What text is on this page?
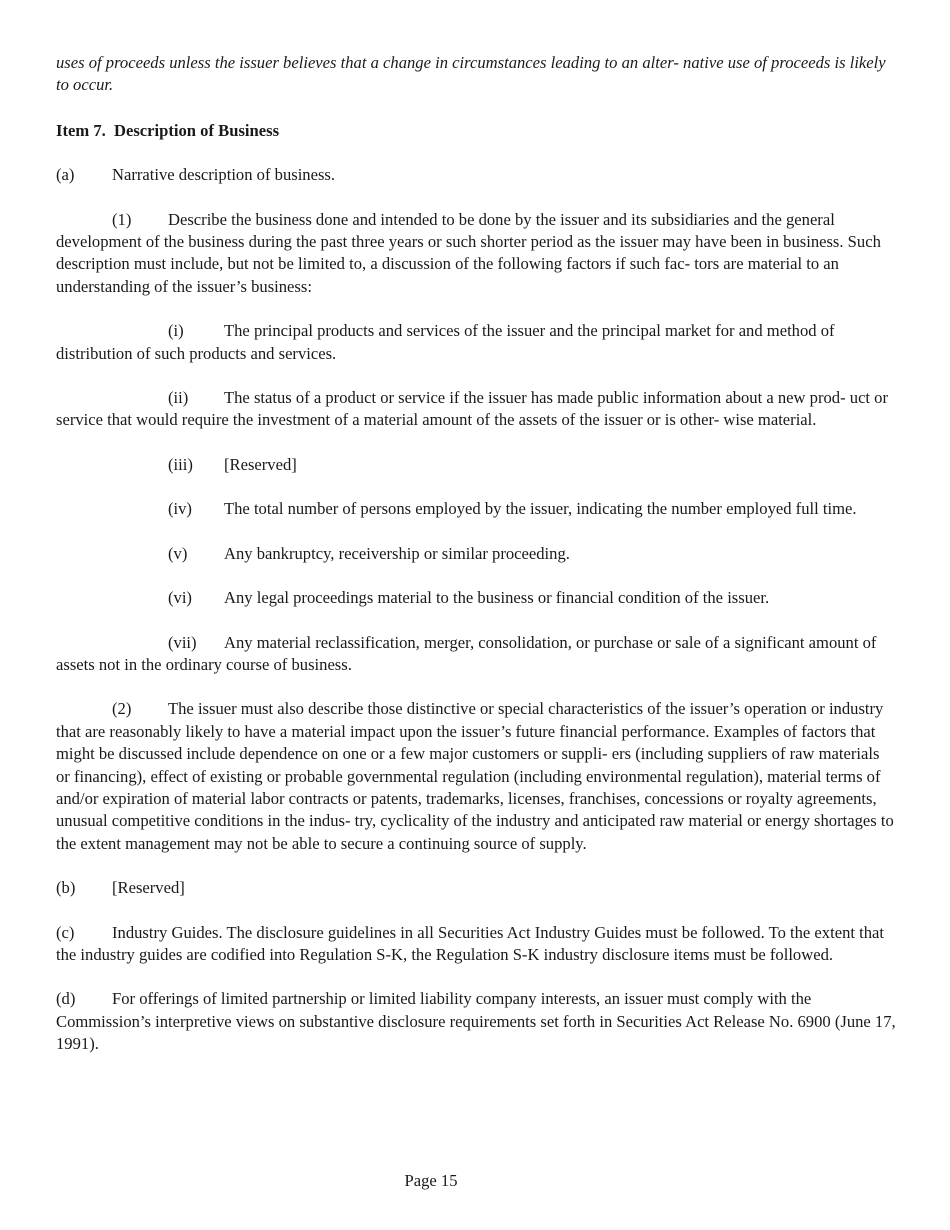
uses of proceeds unless the issuer believes that a change in circumstances leading to an alter- native use of proceeds is likely to occur.

Item 7. Description of Business

(a) Narrative description of business.

(1) Describe the business done and intended to be done by the issuer and its subsidiaries and the general development of the business during the past three years or such shorter period as the issuer may have been in business. Such description must include, but not be limited to, a discussion of the following factors if such fac- tors are material to an understanding of the issuer’s business:

(i) The principal products and services of the issuer and the principal market for and method of distribution of such products and services.

(ii) The status of a product or service if the issuer has made public information about a new prod- uct or service that would require the investment of a material amount of the assets of the issuer or is other- wise material.

(iii) [Reserved]

(iv) The total number of persons employed by the issuer, indicating the number employed full time.

(v) Any bankruptcy, receivership or similar proceeding.

(vi) Any legal proceedings material to the business or financial condition of the issuer.

(vii) Any material reclassification, merger, consolidation, or purchase or sale of a significant amount of assets not in the ordinary course of business.

(2) The issuer must also describe those distinctive or special characteristics of the issuer’s operation or industry that are reasonably likely to have a material impact upon the issuer’s future financial performance. Examples of factors that might be discussed include dependence on one or a few major customers or suppli- ers (including suppliers of raw materials or financing), effect of existing or probable governmental regulation (including environmental regulation), material terms of and/or expiration of material labor contracts or patents, trademarks, licenses, franchises, concessions or royalty agreements, unusual competitive conditions in the indus- try, cyclicality of the industry and anticipated raw material or energy shortages to the extent management may not be able to secure a continuing source of supply.

(b) [Reserved]

(c) Industry Guides. The disclosure guidelines in all Securities Act Industry Guides must be followed. To the extent that the industry guides are codified into Regulation S-K, the Regulation S-K industry disclosure items must be followed.

(d) For offerings of limited partnership or limited liability company interests, an issuer must comply with the Commission’s interpretive views on substantive disclosure requirements set forth in Securities Act Release No. 6900 (June 17, 1991).

Page 15
